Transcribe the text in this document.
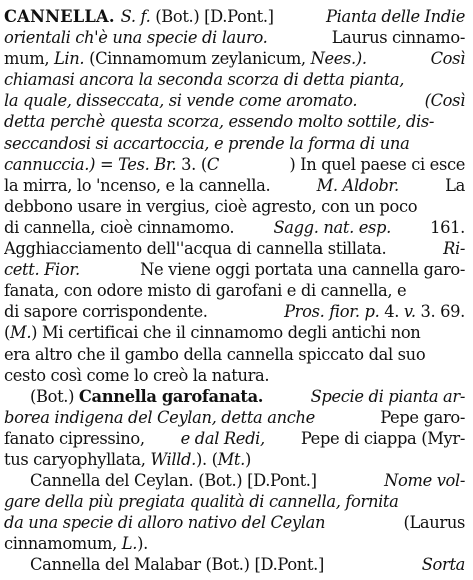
CANNELLA. S. f. (Bot.) [D.Pont.]	Pianta delle Indie
orientali ch'è una specie di lauro.	Laurus cinnamo-
mum, Lin. (Cinnamomum zeylanicum, Nees.).	Così
chiamasi ancora la seconda scorza di detta pianta,
la quale, disseccata, si vende come aromato.	(Così
detta perchè questa scorza, essendo molto sottile, dis-
seccandosi si accartoccia, e prende la forma di una
cannuccia.) = Tes. Br. 3. (C	) In quel paese ci esce
la mirra, lo 'ncenso, e la cannella.	M. Aldobr.	La
debbono usare in vergius, cioè agresto, con un poco
di cannella, cioè cinnamomo. Sagg. nat. esp. 161.
Agghiacciamento dell''acqua di cannella stillata.	Ri-
cett. Fior.	Ne viene oggi portata una cannella garo-
fanata, con odore misto di garofani e di cannella, e
di sapore corrispondente.	Pros. fior. p. 4. v. 3. 69.
(M.) Mi certificai che il cinnamomo degli antichi non
era altro che il gambo della cannella spiccato dal suo
cesto così come lo creò la natura.
(Bot.) Cannella garofanata.	Specie di pianta ar-
borea indigena del Ceylan, detta anche	Pepe garo-
fanato cipressino, e dal Redi, Pepe di ciappa (Myr-
tus caryophyllata, Willd.). (Mt.)
Cannella del Ceylan. (Bot.) [D.Pont.]	Nome vol-
gare della più pregiata qualità di cannella, fornita
da una specie di alloro nativo del Ceylan	(Laurus
cinnamomum, L.).
Cannella del Malabar (Bot.) [D.Pont.]	Sorta
